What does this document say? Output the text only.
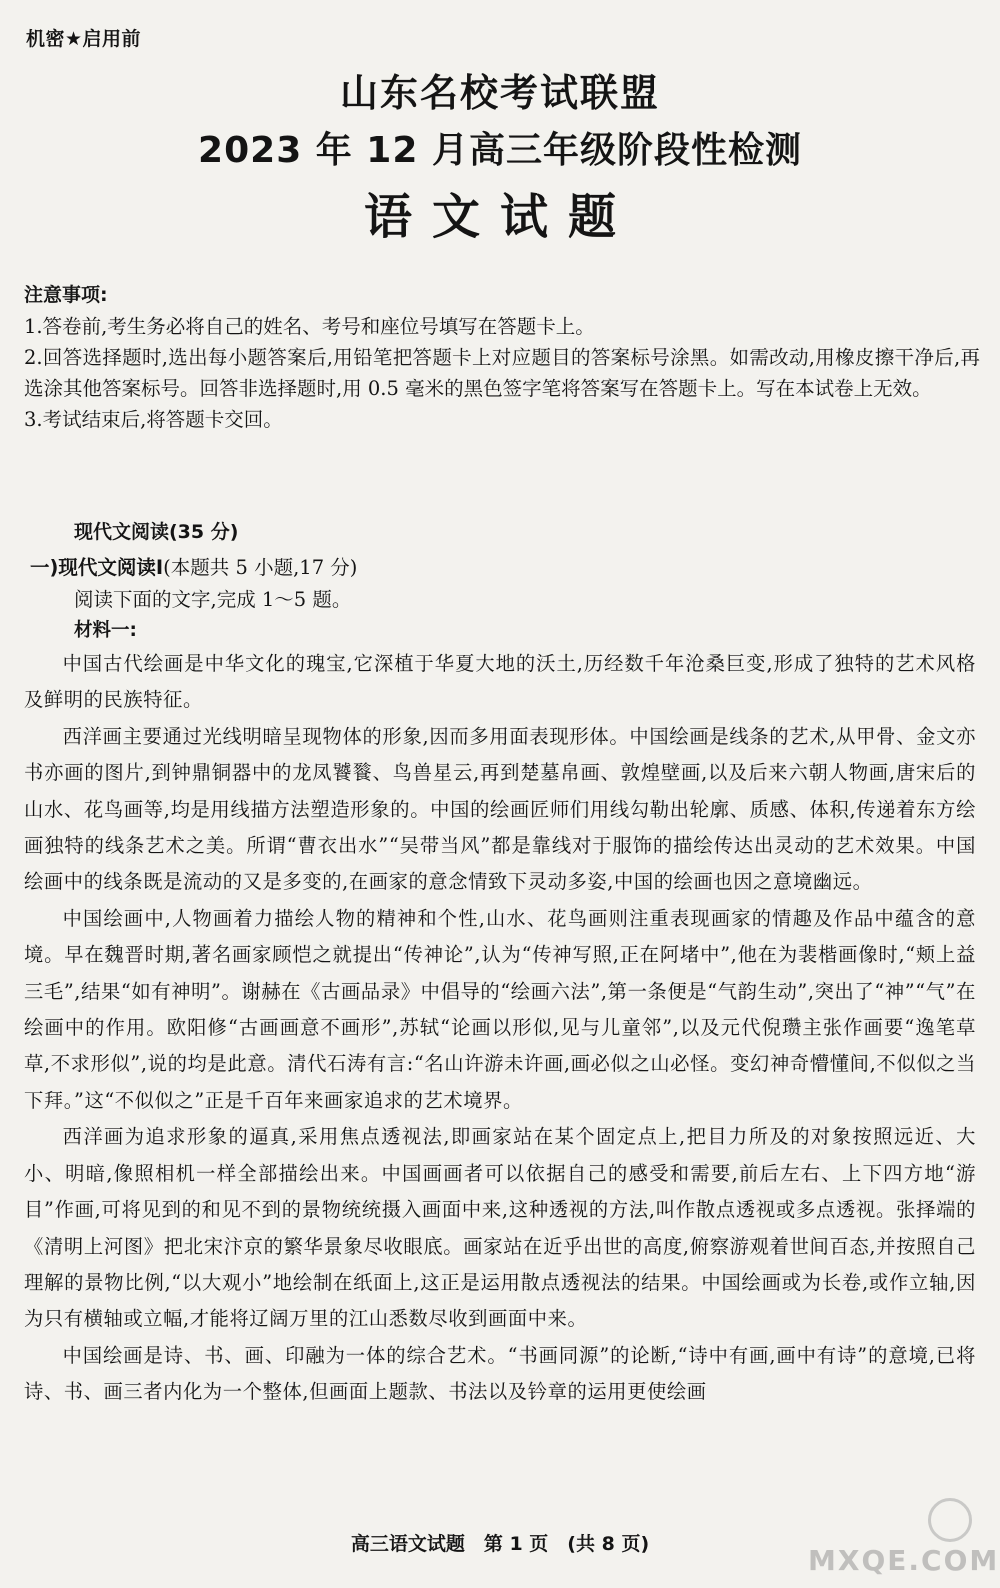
机密★启用前
山东名校考试联盟
2023 年 12 月高三年级阶段性检测
语文试题
注意事项:

1.答卷前,考生务必将自己的姓名、考号和座位号填写在答题卡上。

2.回答选择题时,选出每小题答案后,用铅笔把答题卡上对应题目的答案标号涂黑。如需改动,用橡皮擦干净后,再选涂其他答案标号。回答非选择题时,用 0.5 毫米的黑色签字笔将答案写在答题卡上。写在本试卷上无效。

3.考试结束后,将答题卡交回。

现代文阅读(35 分)
一)现代文阅读Ⅰ(本题共 5 小题,17 分)
阅读下面的文字,完成 1～5 题。
材料一:

中国古代绘画是中华文化的瑰宝,它深植于华夏大地的沃土,历经数千年沧桑巨变,形成了独特的艺术风格及鲜明的民族特征。

西洋画主要通过光线明暗呈现物体的形象,因而多用面表现形体。中国绘画是线条的艺术,从甲骨、金文亦书亦画的图片,到钟鼎铜器中的龙凤饕餮、鸟兽星云,再到楚墓帛画、敦煌壁画,以及后来六朝人物画,唐宋后的山水、花鸟画等,均是用线描方法塑造形象的。中国的绘画匠师们用线勾勒出轮廓、质感、体积,传递着东方绘画独特的线条艺术之美。所谓“曹衣出水”“吴带当风”都是靠线对于服饰的描绘传达出灵动的艺术效果。中国绘画中的线条既是流动的又是多变的,在画家的意念情致下灵动多姿,中国的绘画也因之意境幽远。

中国绘画中,人物画着力描绘人物的精神和个性,山水、花鸟画则注重表现画家的情趣及作品中蕴含的意境。早在魏晋时期,著名画家顾恺之就提出“传神论”,认为“传神写照,正在阿堵中”,他在为裴楷画像时,“颊上益三毛”,结果“如有神明”。谢赫在《古画品录》中倡导的“绘画六法”,第一条便是“气韵生动”,突出了“神”“气”在绘画中的作用。欧阳修“古画画意不画形”,苏轼“论画以形似,见与儿童邻”,以及元代倪瓒主张作画要“逸笔草草,不求形似”,说的均是此意。清代石涛有言:“名山许游未许画,画必似之山必怪。变幻神奇懵懂间,不似似之当下拜。”这“不似似之”正是千百年来画家追求的艺术境界。

西洋画为追求形象的逼真,采用焦点透视法,即画家站在某个固定点上,把目力所及的对象按照远近、大小、明暗,像照相机一样全部描绘出来。中国画画者可以依据自己的感受和需要,前后左右、上下四方地“游目”作画,可将见到的和见不到的景物统统摄入画面中来,这种透视的方法,叫作散点透视或多点透视。张择端的《清明上河图》把北宋汴京的繁华景象尽收眼底。画家站在近乎出世的高度,俯察游观着世间百态,并按照自己理解的景物比例,“以大观小”地绘制在纸面上,这正是运用散点透视法的结果。中国绘画或为长卷,或作立轴,因为只有横轴或立幅,才能将辽阔万里的江山悉数尽收到画面中来。

中国绘画是诗、书、画、印融为一体的综合艺术。“书画同源”的论断,“诗中有画,画中有诗”的意境,已将诗、书、画三者内化为一个整体,但画面上题款、书法以及钤章的运用更使绘画

高三语文试题　第 1 页　(共 8 页)	MXQE.COM
